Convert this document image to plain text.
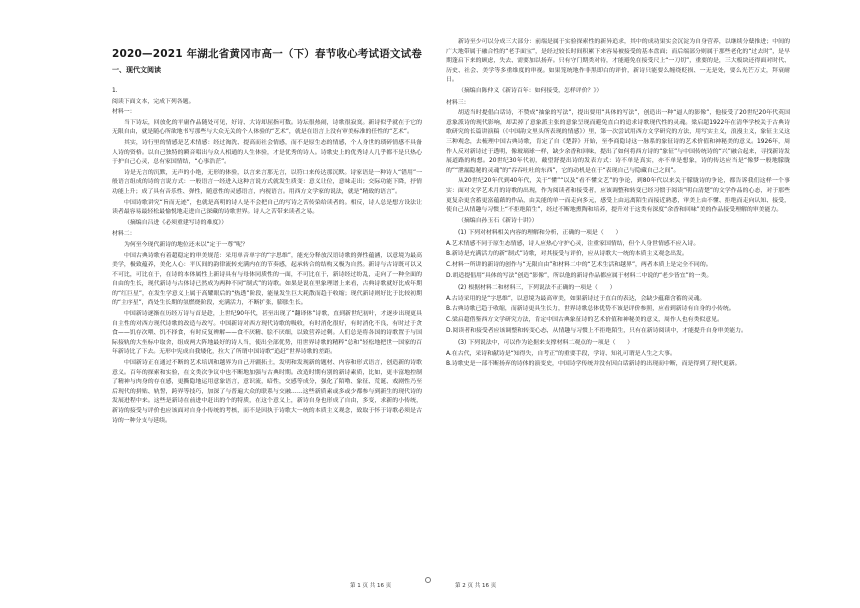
2020—2021 年湖北省黄冈市高一（下）春节收心考试语文试卷
一、现代文阅读

1.

阅读下面文本，完成下列各题。

材料一：

当下诗坛，回放化的平庸作品随处可见，好诗、大诗却屈指可数。诗坛很热闹，诗歌很寂寞。新诗似乎就在于它的无限自由，就是随心所欲地书写那些与大众无关的个人体验的“艺术”，就是在语言上没有审美标准的任性的“艺术”。

其实，诗行里的情感是艺术情感：经过淘洗、提高而社会情感，而不是原生态的情感，个人身世的琐碎情感不具备人诗的资格。以自己独特的瞬音唱出与众人相通的人生体验，才是优秀的诗人。诗歌史上的优秀诗人几乎都不是只热心于护自己心灵，总有家国情结，“心事浩茫”。

诗是无言的沉默，无声的小绝，无形的体验，以言来言那无言，以符口来传达那沉默。诗家语是一种诗人“错用”一般语言组成的诗的言说方式：一般语言一经进入这种言说方式就发生质变：意义让位，意味走出；交际功能下降，抒情功能上升；成了具有音乐性、弹性，随意性的灵感语言，内视语言。用西方文学家的说法，就是“精致的语言”。

中国诗歌讲究“旨而无迹”，也就是高明的诗人是不会把自己的写诗之苦传染给读者的。相反，诗人总是想方设法让读者最容易最轻松最愉悦地走进自己深藏的诗歌世界。诗人之苦带来读者之易。

（摘编自吕进《必须重建写诗的难度》）

材料二：

为何至今现代新诗的地位还未以“定于一尊”呢？

中国古典诗歌有着超稳定的审美规范：采用单音单字的“字思维”，能充分释放汉语诗歌的弹性蕴涵，以意境为最高美学，极致蕴养，美化人心：平仄间的韵律流转充满内在的节奏感，起承转合的结构又极为自然。新诗与古诗既可以又不可比，可比在于，在诗的本体属性上新诗具有与母体同质性的一面，不可比在于，新诗经过纷乱，走向了一种全面的自由的生长，现代新诗与古体诗已然成为两种不同“制式”的诗歌。如果是说在里象理谱上来看，古典诗歌就好比成年期的“红巨星”，在发生学意义上属于高耀眼后的“热透”阶段，能量发生巨大耗散而趋于收缩；现代新诗则好比于比较初期的“主序星”，尚处生长期的氢燃烧阶段，充满活力，不断扩张，膨胀生长。

中国新诗逐渐在历经万诗与首是趁，上世纪90年代，甚至出现了“翻译体”诗歌，直到新世纪初叶，才逐步出现更具自主性的对西方现代诗歌的改造与改写。中国新诗对西方现代诗歌的吸收，有时消化很好，有时消化不良，有时过于贪食——饥存次喂、饥不择食，有时反复辨解——食不厌精、脍不厌细，以致营养过剩。人们总是将各国的诗歌置于与国际接轨的大坐标中取舍，组成两大阵地最好的诗人当，使出全部优势，用世界诗歌的精粹“总和”轻松地把世一国家的百年新诗比了下去。无形中宪成自我矮化，拉大了所谓中国诗歌“追赶”世界诗歌的差距。

中国新诗正在通过不断的艺术培训和越界为自己开疆拓土，发明和发现新的题材、内容和形式语言，创造新的诗歌意义。百年的探索和实验，在文类次争议中也不断地加强与古典时期。改造时期有别的新诗素质，比如，更丰富地控制了精神与肉身的存在感，更撕隐地运用意象语言，意识流，暗性，交感等成分，强化了陌噜、象征、荒诞、戏剧性乃至后现代的拼贴、轨誓，跨界等技巧，加深了与普遍大众的联系与交融……这些新质素或多或少都参与到新生的现代诗的发展进程中来。这些是新诗在前进中赶出的个的特质，在这个意义上，新诗自身也形成了自由，多变，求新的小传统，新诗的接受与评价也应该面对自身小传统的考核，而不是因执于诗歌大一统的本质主义观念，致取于怀于诗歌必须是古诗的一种分支与延续。

新诗至少可以分成三大部分：前端是属于实验探索性的新异追求，其中的成功果实会沉淀为自身营养，以继续分蘖推进；中间的广大地带属于融合性的“老手面宝”，是经过较长时间积累下来容易被接受的基本盘面；而后端部分则属于那些老化的“过去时”，是早期蓬启下来的顾虑，失去、需要加以扬弃。只有守门期类对待，才能避免在接受尺上“一刀切”，重要的是，三大板块还得面对时代、历史、社会、美学等多重维度的审视。如果笼统地作非黑即白的评价，新诗只能要么缠绕贬损、一无是处，要么光芒万丈，拜衰耐日。

（摘编自陈仲义《新诗百年：如何接受，怎样评价？》）

材料三：

胡适当时提倡白话诗，不赞成“抽象的写法”，提出要用“具体的写法”，创造出一种“逼人的影像”，他接受了20世纪20年代英国意象派诗的现代影响，却丢掉了意象派主张的意象呈现而避免直白的追求诗歌现代性的灵魂。梁启超1922年在清华学校关于古典诗歌研究的长篇讲演稿（《中国韵文里头所表现的情感》）里，第一次尝试用西方文学研究的方法，用写实主义，浪漫主义，象征主义这三种观念，去梳理中国古典诗歌，肯定了自《楚辞》开始，至李商隐诗这一脉系的象征诗的艺术价值和神秘美的意义。1926年，周作人反对新诗过于透明，像玻璃球一样，缺少余香和回味，提出了如何将西方诗的“象征”与中国传统诗的“兴”融合起来，寻找新诗发展道路的构想。20世纪30年代初，戴望舒提出诗的发表方式：诗不单是真实，亦不单是想象，诗的传达应当是“像梦一般地朦胧的”“泄漏隐秘的灵魂”的“吞吞吐吐的东西”，它的动机是在于“表现自己与隐藏自己之间”。

从20世纪20年代到40年代，关于“懂”“以及”看不懂文艺”的争论，到80年代以来关于朦胧诗的争论，都告诉我们这样一个事实：面对文学艺术月的诗歌的出现，作为阅读者和接受者，应该调整和转变已经习惯于阅读“明白清楚”的文学作品的心态，对于那些更复杂更含蓄更富蕴藉的作品，由关能的单一而走向多元，感受上由远离陌生而接近熟悉，审美上由不懂、拒绝而走向认知、接受，使自己从情趣与习惯上“不拒绝陌生”，经过不断地熏陶和培养，提升对于这类有深度“余香和回味”美的作品接受理解的审美能力。

（摘编自孙玉石《新诗十讲》）

(1) 下列对材料相关内容的理解和分析，正确的一项是（　　）

A.艺术情感不同于原生态情感，诗人应热心守护心灵，注重家国情结，但个人身世情感不应入诗。

B.新诗是充满活力的新“制式”诗歌，对其接受与评价，应从诗歌大一统的本质主义观念出发。

C.材料一所讲的新诗的创作与“无限自由”和材料二中的“艺术生活和越界”，两者本质上是完全不同的。

D.胡适提倡用“具体的写法”创造“影像”，所以他的新诗作品都应属于材料二中说的“老少皆宜”的一类。

(2) 根据材料二和材料三，下列说法不正确的一项是（　　）

A.古诗采用的是“字思维”，以意境为最高审美，如果新诗过于直白的表达，会缺少蕴藉含蓄的灵魂。

B.古典诗歌已趋于收缩，而新诗更具生长力，世界诗歌总体优势不该是评价参照，应看到新诗有自身的小传统。

C.梁启超借鉴西方文学研究方法，肯定中国古典象征诗的艺术价值和神秘美的意义，周作人也有类似意见。

D.阅读者和接受者应该调整和转变心态，从情趣与习惯上不拒绝陌生，只有在新诗阅读中，才能提升自身审美能力。

(3) 下列说法中，可以作为论据来支撑材料二观点的一项是（　　）

A.在古代，采诗和献诗是“知得失，自考正”的重要手段，学诗、知礼可谓是人生之大事。

B.诗歌史是一部不断扬弃的诗体的演变史，中国诗学传统并没有因白话新诗的出现而中断，而是得到了现代更新。

第 1 页 共 16 页	第 2 页 共 16 页
